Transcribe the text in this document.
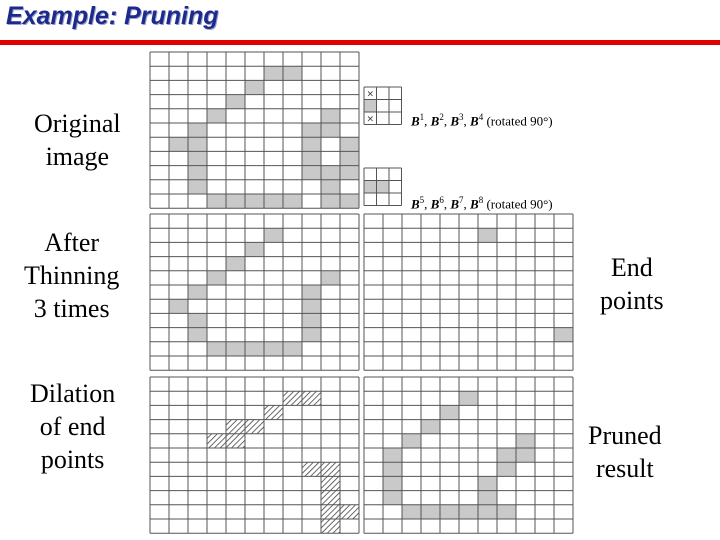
Example: Pruning
Original
image
After
Thinning
3 times
Dilation
of end
points
End
points
Pruned
result
$B^1$, $B^2$, $B^3$, $B^4$ (rotated 90°)
$B^5$, $B^6$, $B^7$, $B^8$ (rotated 90°)
×
×
